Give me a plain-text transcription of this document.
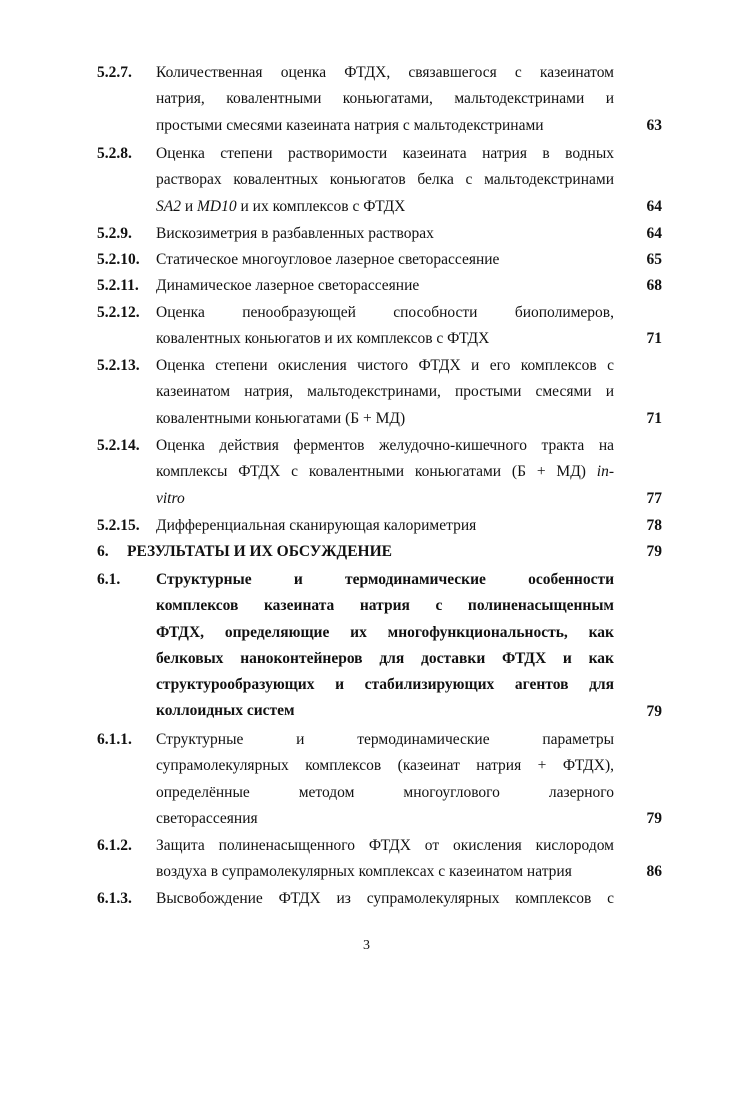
5.2.7. Количественная оценка ФТДХ, связавшегося с казеинатом
натрия, ковалентными коньюгатами, мальтодекстринами и
простыми смесями казеината натрия с мальтодекстринами	63
5.2.8. Оценка степени растворимости казеината натрия в водных
растворах ковалентных коньюгатов белка с мальтодекстринами
SA2 и MD10 и их комплексов с ФТДХ	64
5.2.9. Вискозиметрия в разбавленных растворах	64
5.2.10. Статическое многоугловое лазерное светорассеяние	65
5.2.11. Динамическое лазерное светорассеяние	68
5.2.12. Оценка пенообразующей способности биополимеров,
ковалентных коньюгатов и их комплексов с ФТДХ	71
5.2.13. Оценка степени окисления чистого ФТДХ и его комплексов с
казеинатом натрия, мальтодекстринами, простыми смесями и
ковалентными коньюгатами (Б + МД)	71
5.2.14. Оценка действия ферментов желудочно-кишечного тракта на
комплексы ФТДХ с ковалентными коньюгатами (Б + МД) in-
vitro	77
5.2.15. Дифференциальная сканирующая калориметрия	78
6. РЕЗУЛЬТАТЫ И ИХ ОБСУЖДЕНИЕ	79
6.1. Структурные и термодинамические особенности
комплексов казеината натрия с полиненасыщенным
ФТДХ, определяющие их многофункциональность, как
белковых наноконтейнеров для доставки ФТДХ и как
структурообразующих и стабилизирующих агентов для
коллоидных систем	79
6.1.1. Структурные и термодинамические параметры
супрамолекулярных комплексов (казеинат натрия + ФТДХ),
определённые методом многоуглового лазерного
светорассеяния	79
6.1.2. Защита полиненасыщенного ФТДХ от окисления кислородом
воздуха в супрамолекулярных комплексах с казеинатом натрия	86
6.1.3. Высвобождение ФТДХ из супрамолекулярных комплексов с
3
